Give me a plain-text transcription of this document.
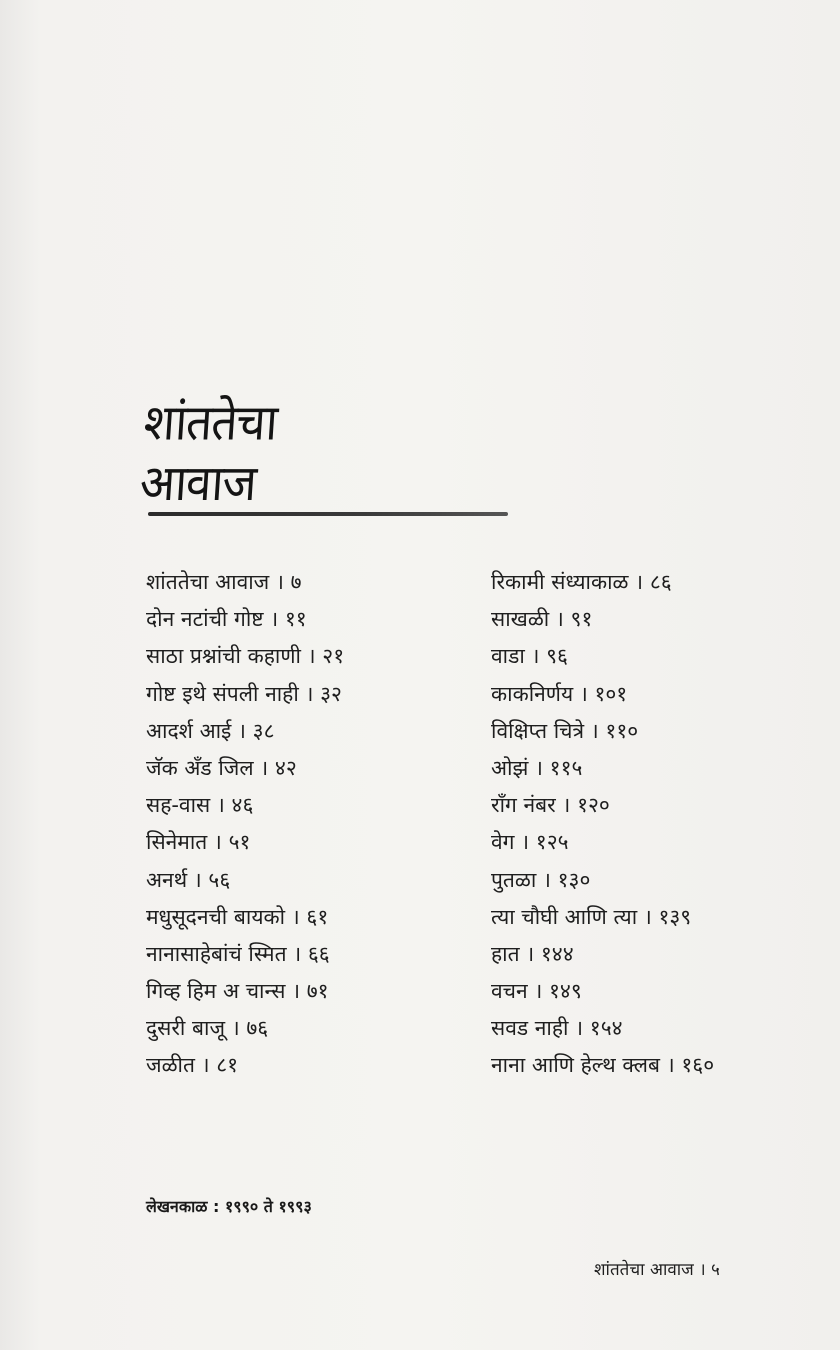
शांततेचा
आवाज
शांततेचा आवाज । ७
दोन नटांची गोष्ट । ११
साठा प्रश्नांची कहाणी । २१
गोष्ट इथे संपली नाही । ३२
आदर्श आई । ३८
जॅक अँड जिल । ४२
सह-वास । ४६
सिनेमात । ५१
अनर्थ । ५६
मधुसूदनची बायको । ६१
नानासाहेबांचं स्मित । ६६
गिव्ह हिम अ चान्स । ७१
दुसरी बाजू । ७६
जळीत । ८१
रिकामी संध्याकाळ । ८६
साखळी । ९१
वाडा । ९६
काकनिर्णय । १०१
विक्षिप्त चित्रे । ११०
ओझं । ११५
राँग नंबर । १२०
वेग । १२५
पुतळा । १३०
त्या चौघी आणि त्या । १३९
हात । १४४
वचन । १४९
सवड नाही । १५४
नाना आणि हेल्थ क्लब । १६०
लेखनकाळ : १९९० ते १९९३
शांततेचा आवाज । ५
